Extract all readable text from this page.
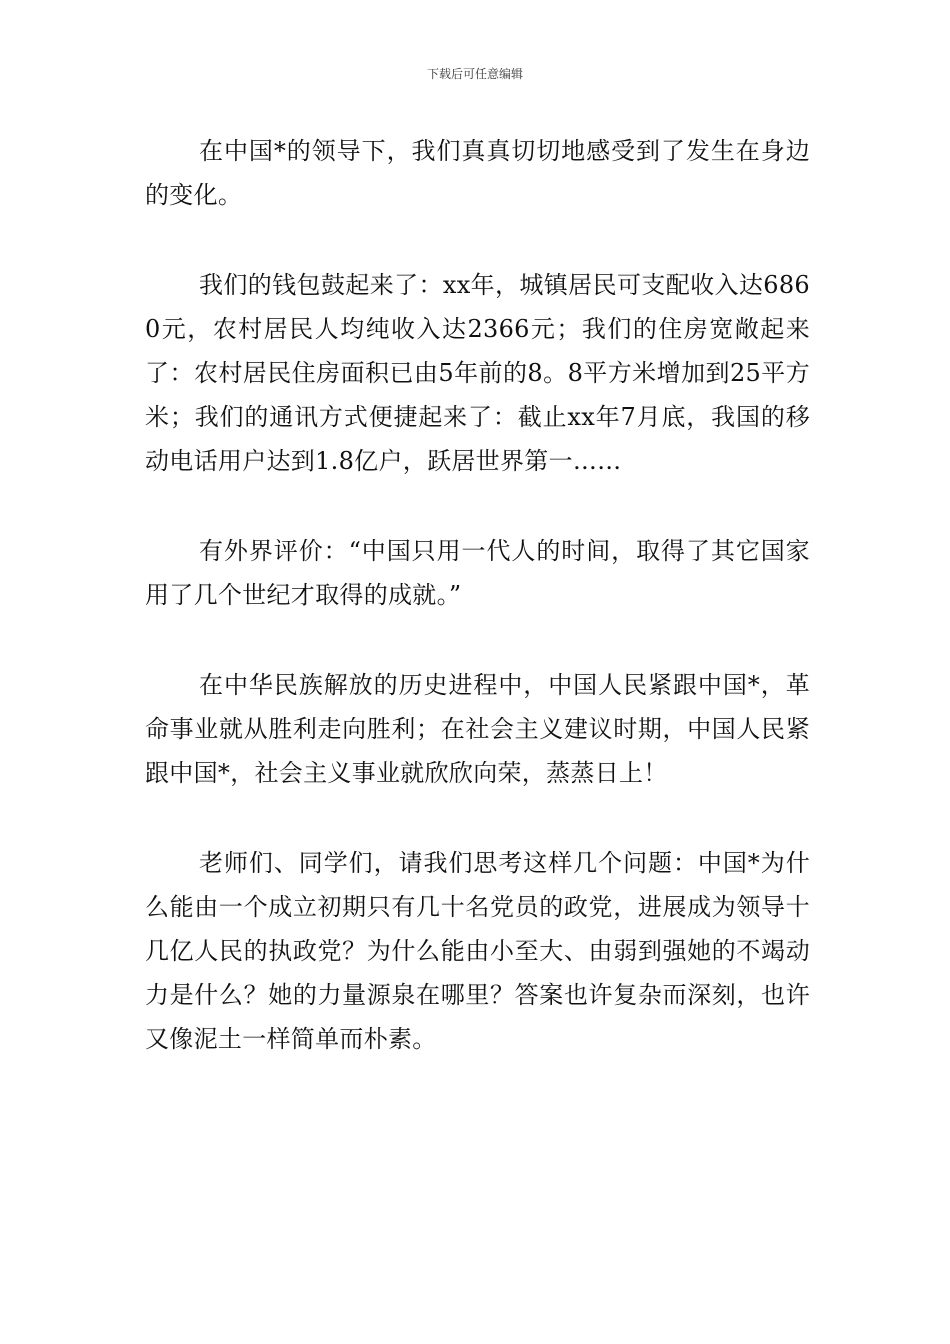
下载后可任意编辑

在中国*的领导下，我们真真切切地感受到了发生在身边的变化。

我们的钱包鼓起来了：xx年，城镇居民可支配收入达6860元，农村居民人均纯收入达2366元；我们的住房宽敞起来了：农村居民住房面积已由5年前的8。8平方米增加到25平方米；我们的通讯方式便捷起来了：截止xx年7月底，我国的移动电话用户达到1.8亿户，跃居世界第一……

有外界评价：“中国只用一代人的时间，取得了其它国家用了几个世纪才取得的成就。”

在中华民族解放的历史进程中，中国人民紧跟中国*，革命事业就从胜利走向胜利；在社会主义建议时期，中国人民紧跟中国*，社会主义事业就欣欣向荣，蒸蒸日上！

老师们、同学们，请我们思考这样几个问题：中国*为什么能由一个成立初期只有几十名党员的政党，进展成为领导十几亿人民的执政党？为什么能由小至大、由弱到强她的不竭动力是什么？她的力量源泉在哪里？答案也许复杂而深刻，也许又像泥土一样简单而朴素。
